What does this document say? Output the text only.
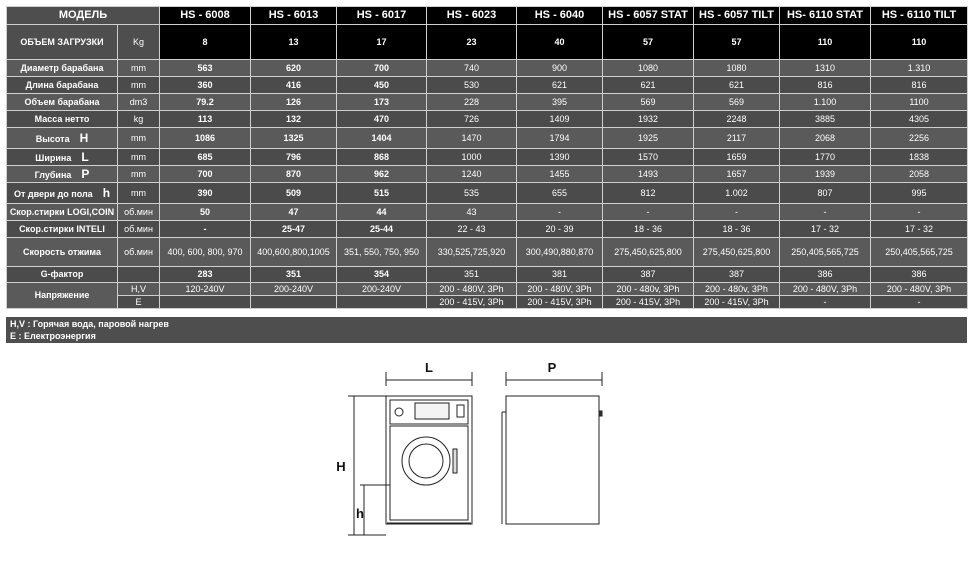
МОДЕЛЬ		HS - 6008	HS - 6013	HS - 6017	HS - 6023	HS - 6040	HS - 6057 STAT	HS - 6057 TILT	HS- 6110 STAT	HS - 6110 TILT
ОБЪЕМ ЗАГРУЗКИ	Kg	8	13	17	23	40	57	57	110	110
Диаметр барабана	mm	563	620	700	740	900	1080	1080	1310	1.310
Длина барабана	mm	360	416	450	530	621	621	621	816	816
Объем барабана	dm3	79.2	126	173	228	395	569	569	1.100	1100
Масса нетто	kg	113	132	470	726	1409	1932	2248	3885	4305
Высота H	mm	1086	1325	1404	1470	1794	1925	2117	2068	2256
Ширина L	mm	685	796	868	1000	1390	1570	1659	1770	1838
Глубина P	mm	700	870	962	1240	1455	1493	1657	1939	2058
От двери до пола h	mm	390	509	515	535	655	812	1.002	807	995
Скор.стирки LOGI,COIN	об.мин	50	47	44	43	-	-	-	-	-
Скор.стирки INTELI	об.мин	-	25-47	25-44	22 - 43	20 - 39	18 - 36	18 - 36	17 - 32	17 - 32
Скорость отжима	об.мин	400, 600, 800, 970	400,600,800,1005	351, 550, 750, 950	330,525,725,920	300,490,880,870	275,450,625,800	275,450,625,800	250,405,565,725	250,405,565,725
G-фактор		283	351	354	351	381	387	387	386	386
Напряжение	H,V	120-240V	200-240V	200-240V	200 - 480V, 3Ph	200 - 480V, 3Ph	200 - 480v, 3Ph	200 - 480v, 3Ph	200 - 480V, 3Ph	200 - 480V, 3Ph
	E				200 - 415V, 3Ph	200 - 415V, 3Ph	200 - 415V, 3Ph	200 - 415V, 3Ph	-	-
H,V : Горячая вода, паровой нагрев
E : Електроэнергия
L	P
H
h
